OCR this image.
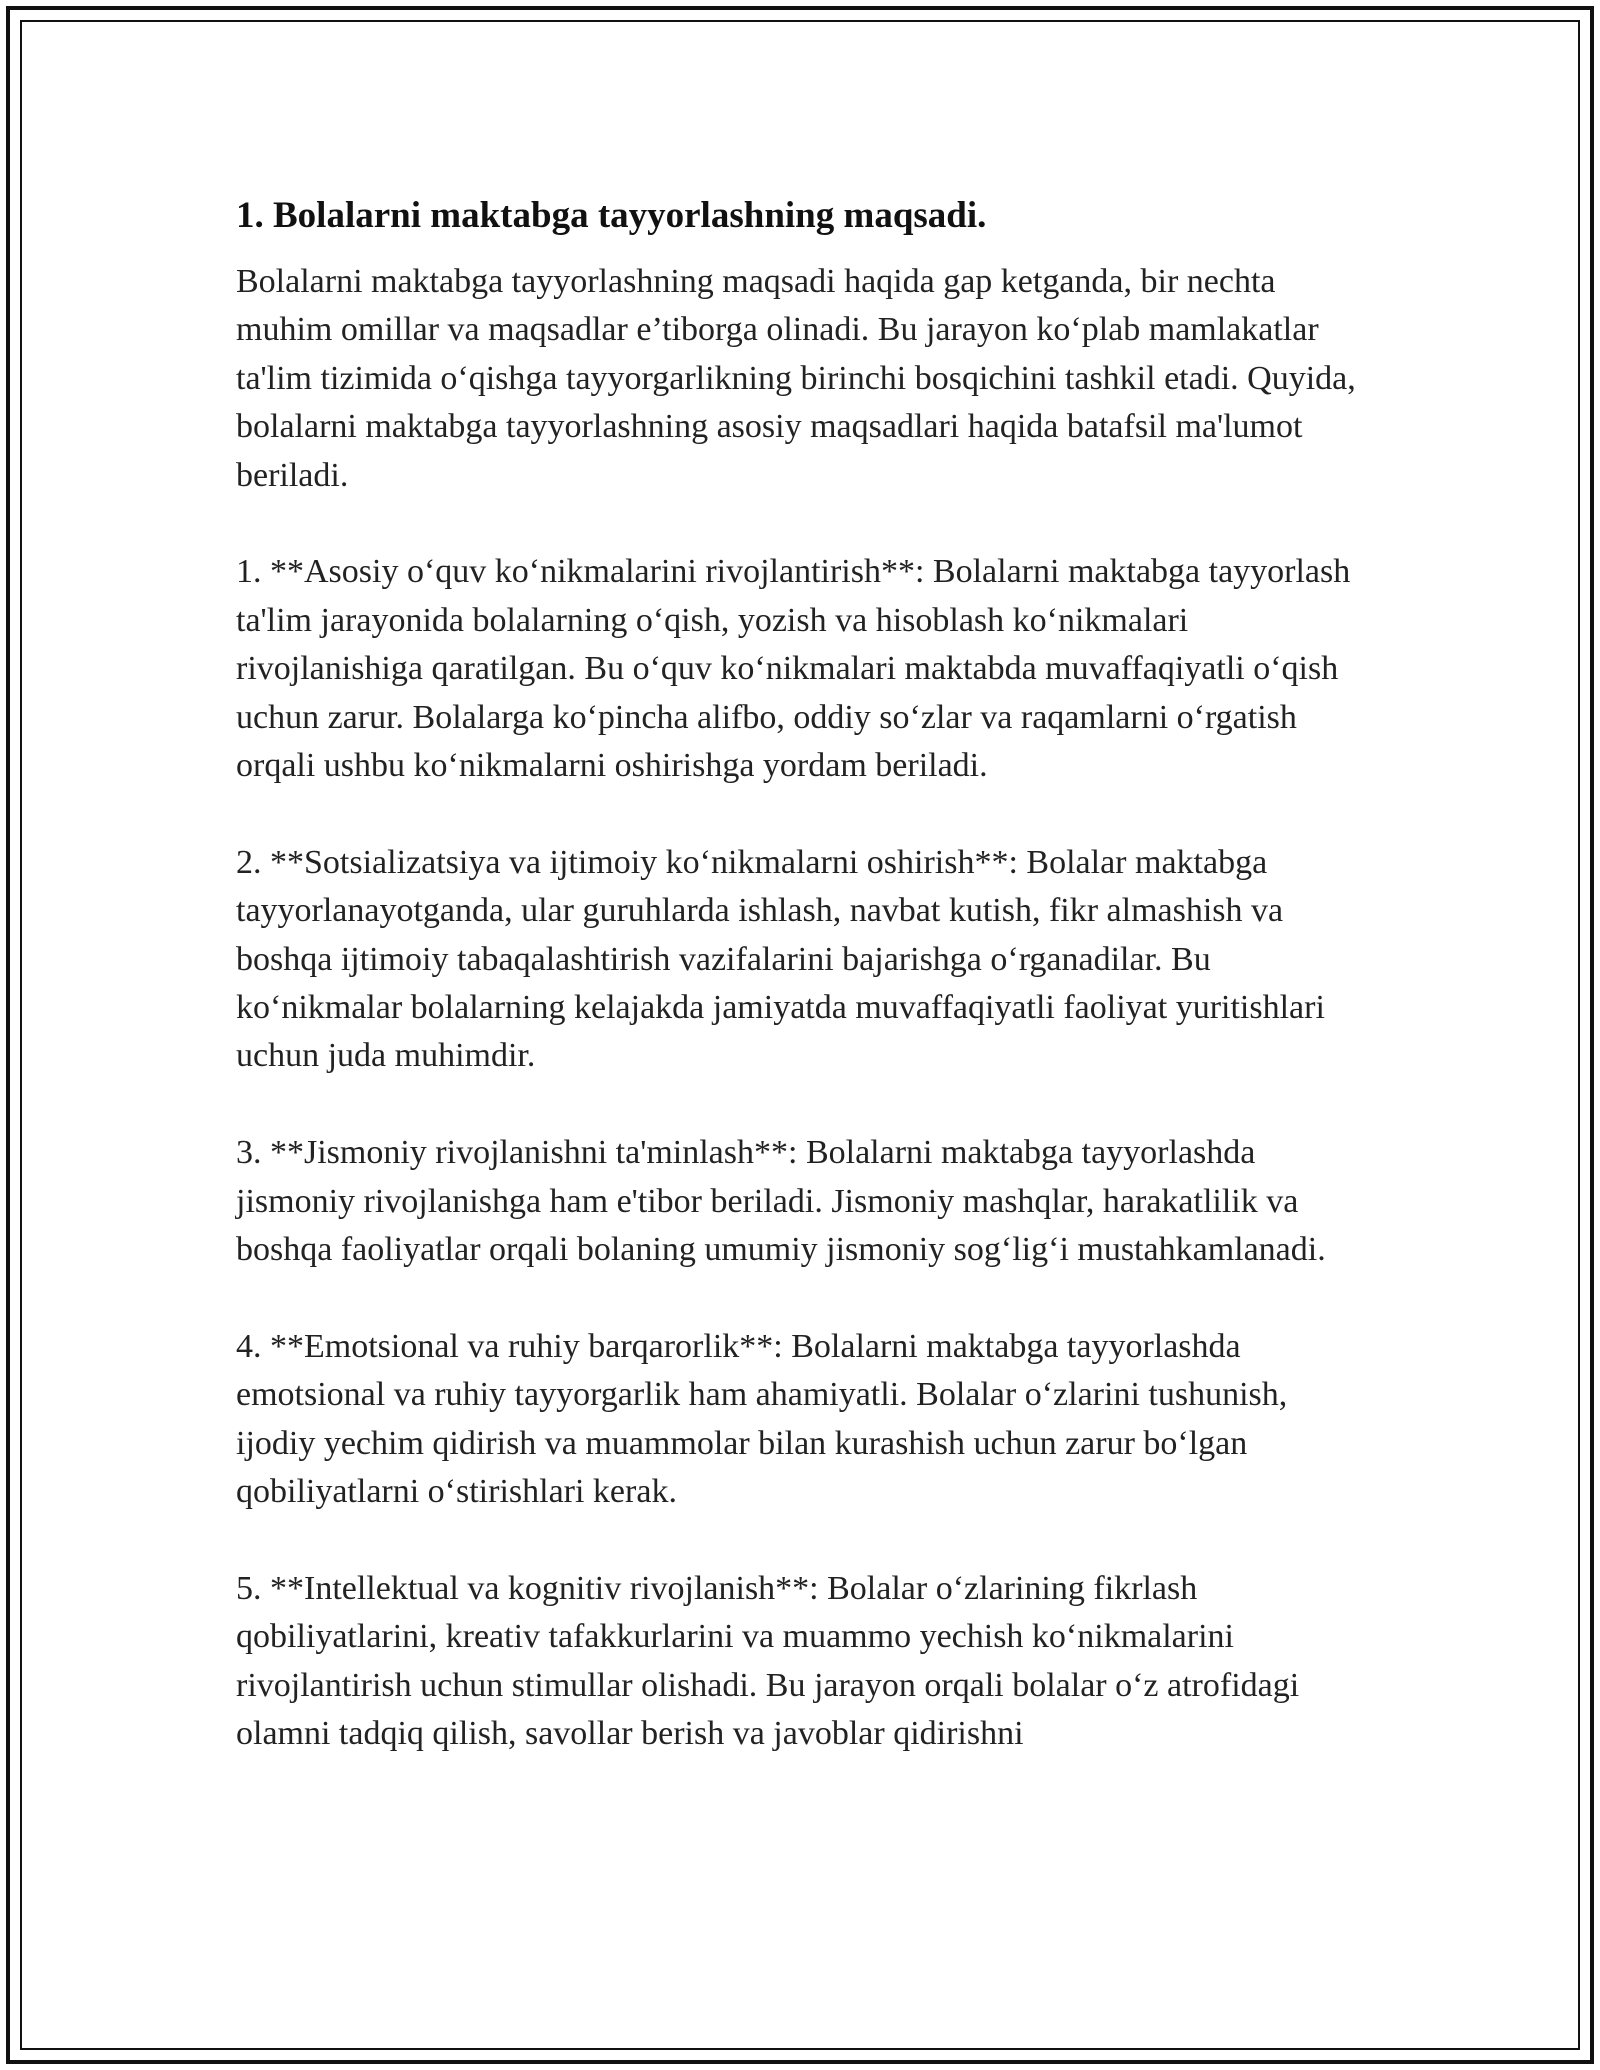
1. Bolalarni maktabga tayyorlashning maqsadi.

Bolalarni maktabga tayyorlashning maqsadi haqida gap ketganda, bir nechta muhim omillar va maqsadlar e’tiborga olinadi. Bu jarayon ko‘plab mamlakatlar ta'lim tizimida o‘qishga tayyorgarlikning birinchi bosqichini tashkil etadi. Quyida, bolalarni maktabga tayyorlashning asosiy maqsadlari haqida batafsil ma'lumot beriladi.

1. **Asosiy o‘quv ko‘nikmalarini rivojlantirish**: Bolalarni maktabga tayyorlash ta'lim jarayonida bolalarning o‘qish, yozish va hisoblash ko‘nikmalari rivojlanishiga qaratilgan. Bu o‘quv ko‘nikmalari maktabda muvaffaqiyatli o‘qish uchun zarur. Bolalarga ko‘pincha alifbo, oddiy so‘zlar va raqamlarni o‘rgatish orqali ushbu ko‘nikmalarni oshirishga yordam beriladi.

2. **Sotsializatsiya va ijtimoiy ko‘nikmalarni oshirish**: Bolalar maktabga tayyorlanayotganda, ular guruhlarda ishlash, navbat kutish, fikr almashish va boshqa ijtimoiy tabaqalashtirish vazifalarini bajarishga o‘rganadilar. Bu ko‘nikmalar bolalarning kelajakda jamiyatda muvaffaqiyatli faoliyat yuritishlari uchun juda muhimdir.

3. **Jismoniy rivojlanishni ta'minlash**: Bolalarni maktabga tayyorlashda jismoniy rivojlanishga ham e'tibor beriladi. Jismoniy mashqlar, harakatlilik va boshqa faoliyatlar orqali bolaning umumiy jismoniy sog‘lig‘i mustahkamlanadi.

4. **Emotsional va ruhiy barqarorlik**: Bolalarni maktabga tayyorlashda emotsional va ruhiy tayyorgarlik ham ahamiyatli. Bolalar o‘zlarini tushunish, ijodiy yechim qidirish va muammolar bilan kurashish uchun zarur bo‘lgan qobiliyatlarni o‘stirishlari kerak.

5. **Intellektual va kognitiv rivojlanish**: Bolalar o‘zlarining fikrlash qobiliyatlarini, kreativ tafakkurlarini va muammo yechish ko‘nikmalarini rivojlantirish uchun stimullar olishadi. Bu jarayon orqali bolalar o‘z atrofidagi olamni tadqiq qilish, savollar berish va javoblar qidirishni
